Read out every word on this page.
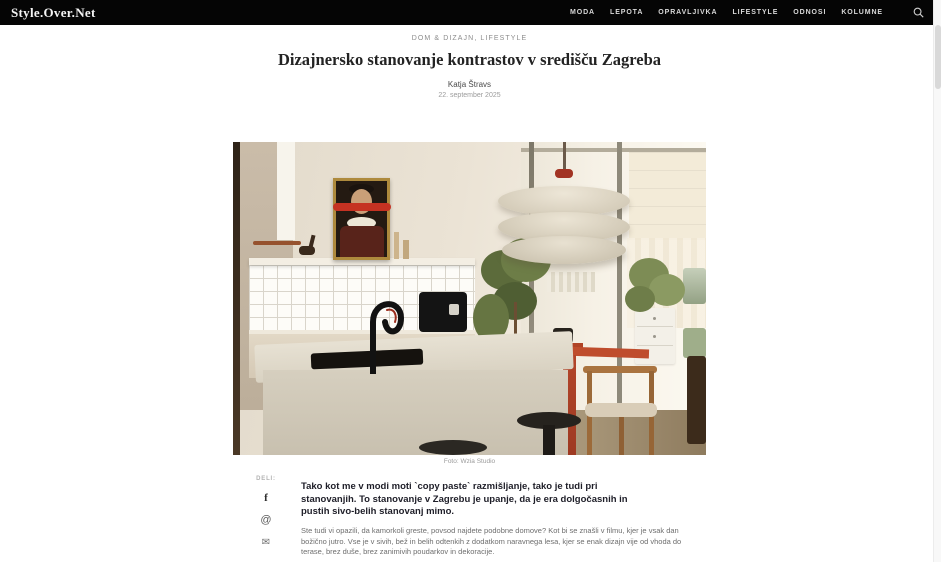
Style.Over.Net	MODA LEPOTA OPRAVLJIVKA LIFESTYLE ODNOSI KOLUMNE
DOM & DIZAJN, LIFESTYLE
Dizajnersko stanovanje kontrastov v središču Zagreba
Katja Štravs
22. september 2025
Foto: Wzia Studio
DELI:
f
@
✉

Tako kot me v modi moti `copy paste` razmišljanje, tako je tudi pri stanovanjih. To stanovanje v Zagrebu je upanje, da je era dolgočasnih in pustih sivo-belih stanovanj mimo.

Ste tudi vi opazili, da kamorkoli greste, povsod najdete podobne domove? Kot bi se znašli v filmu, kjer je vsak dan božično jutro. Vse je v sivih, bež in belih odtenkih z dodatkom naravnega lesa, kjer se enak dizajn vije od vhoda do terase, brez duše, brez zanimivih poudarkov in dekoracije.
